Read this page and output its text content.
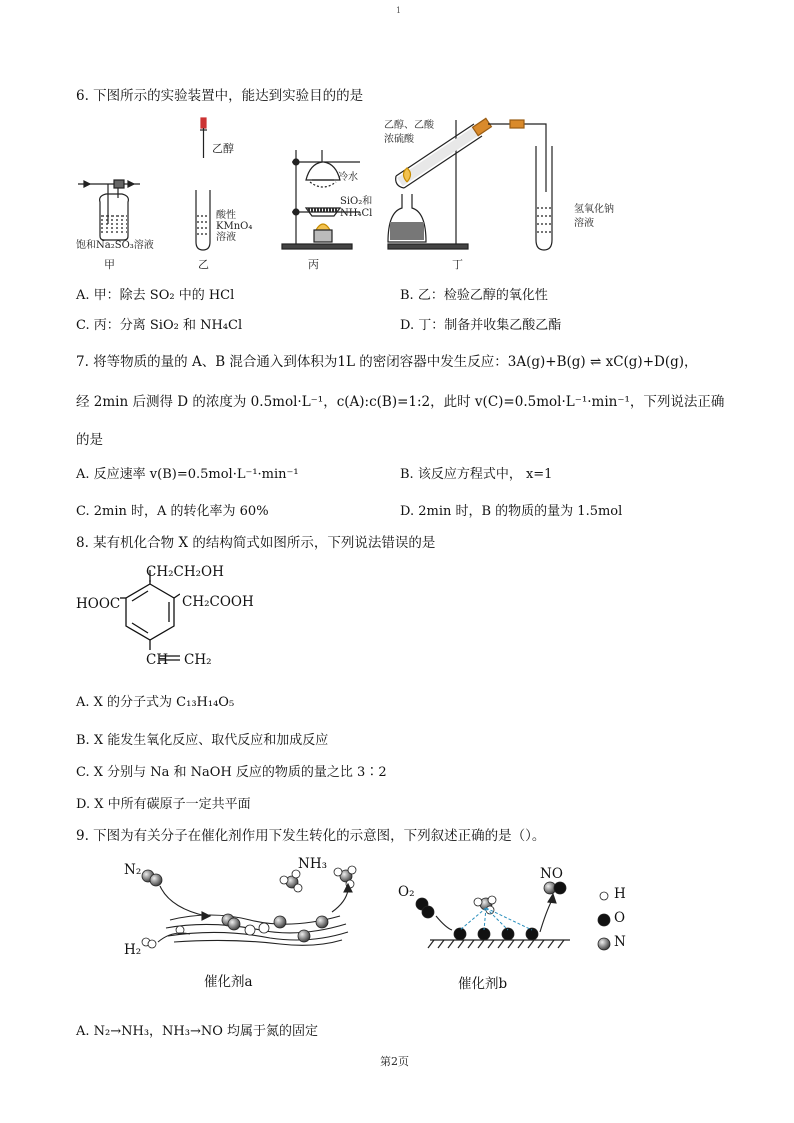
1
6. 下图所示的实验装置中，能达到实验目的的是
乙醇
酸性KMnO₄溶液
饱和Na₂SO₃溶液
冷水
SiO₂和NH₄Cl
乙醇、乙酸
浓硫酸
氢氧化钠
溶液
甲	乙	丙	丁
A. 甲：除去 SO₂ 中的 HCl	B. 乙：检验乙醇的氧化性
C. 丙：分离 SiO₂ 和 NH₄Cl	D. 丁：制备并收集乙酸乙酯
7. 将等物质的量的 A、B 混合通入到体积为1L 的密闭容器中发生反应：3A(g)+B(g) ⇌ xC(g)+D(g)，
经 2min 后测得 D 的浓度为 0.5mol·L⁻¹，c(A):c(B)=1:2，此时 v(C)=0.5mol·L⁻¹·min⁻¹，下列说法正确
的是
A. 反应速率 v(B)=0.5mol·L⁻¹·min⁻¹	B. 该反应方程式中， x=1
C. 2min 时，A 的转化率为 60%	D. 2min 时，B 的物质的量为 1.5mol
8. 某有机化合物 X 的结构简式如图所示，下列说法错误的是
CH₂CH₂OH
HOOC	CH₂COOH
CH CH₂
A. X 的分子式为 C₁₃H₁₄O₅
B. X 能发生氧化反应、取代反应和加成反应
C. X 分别与 Na 和 NaOH 反应的物质的量之比 3∶2
D. X 中所有碳原子一定共平面
9. 下图为有关分子在催化剂作用下发生转化的示意图，下列叙述正确的是（）。
N₂	NH₃
H₂
O₂
NO
H
O
N
催化剂a	催化剂b
A. N₂→NH₃，NH₃→NO 均属于氮的固定
第2页
